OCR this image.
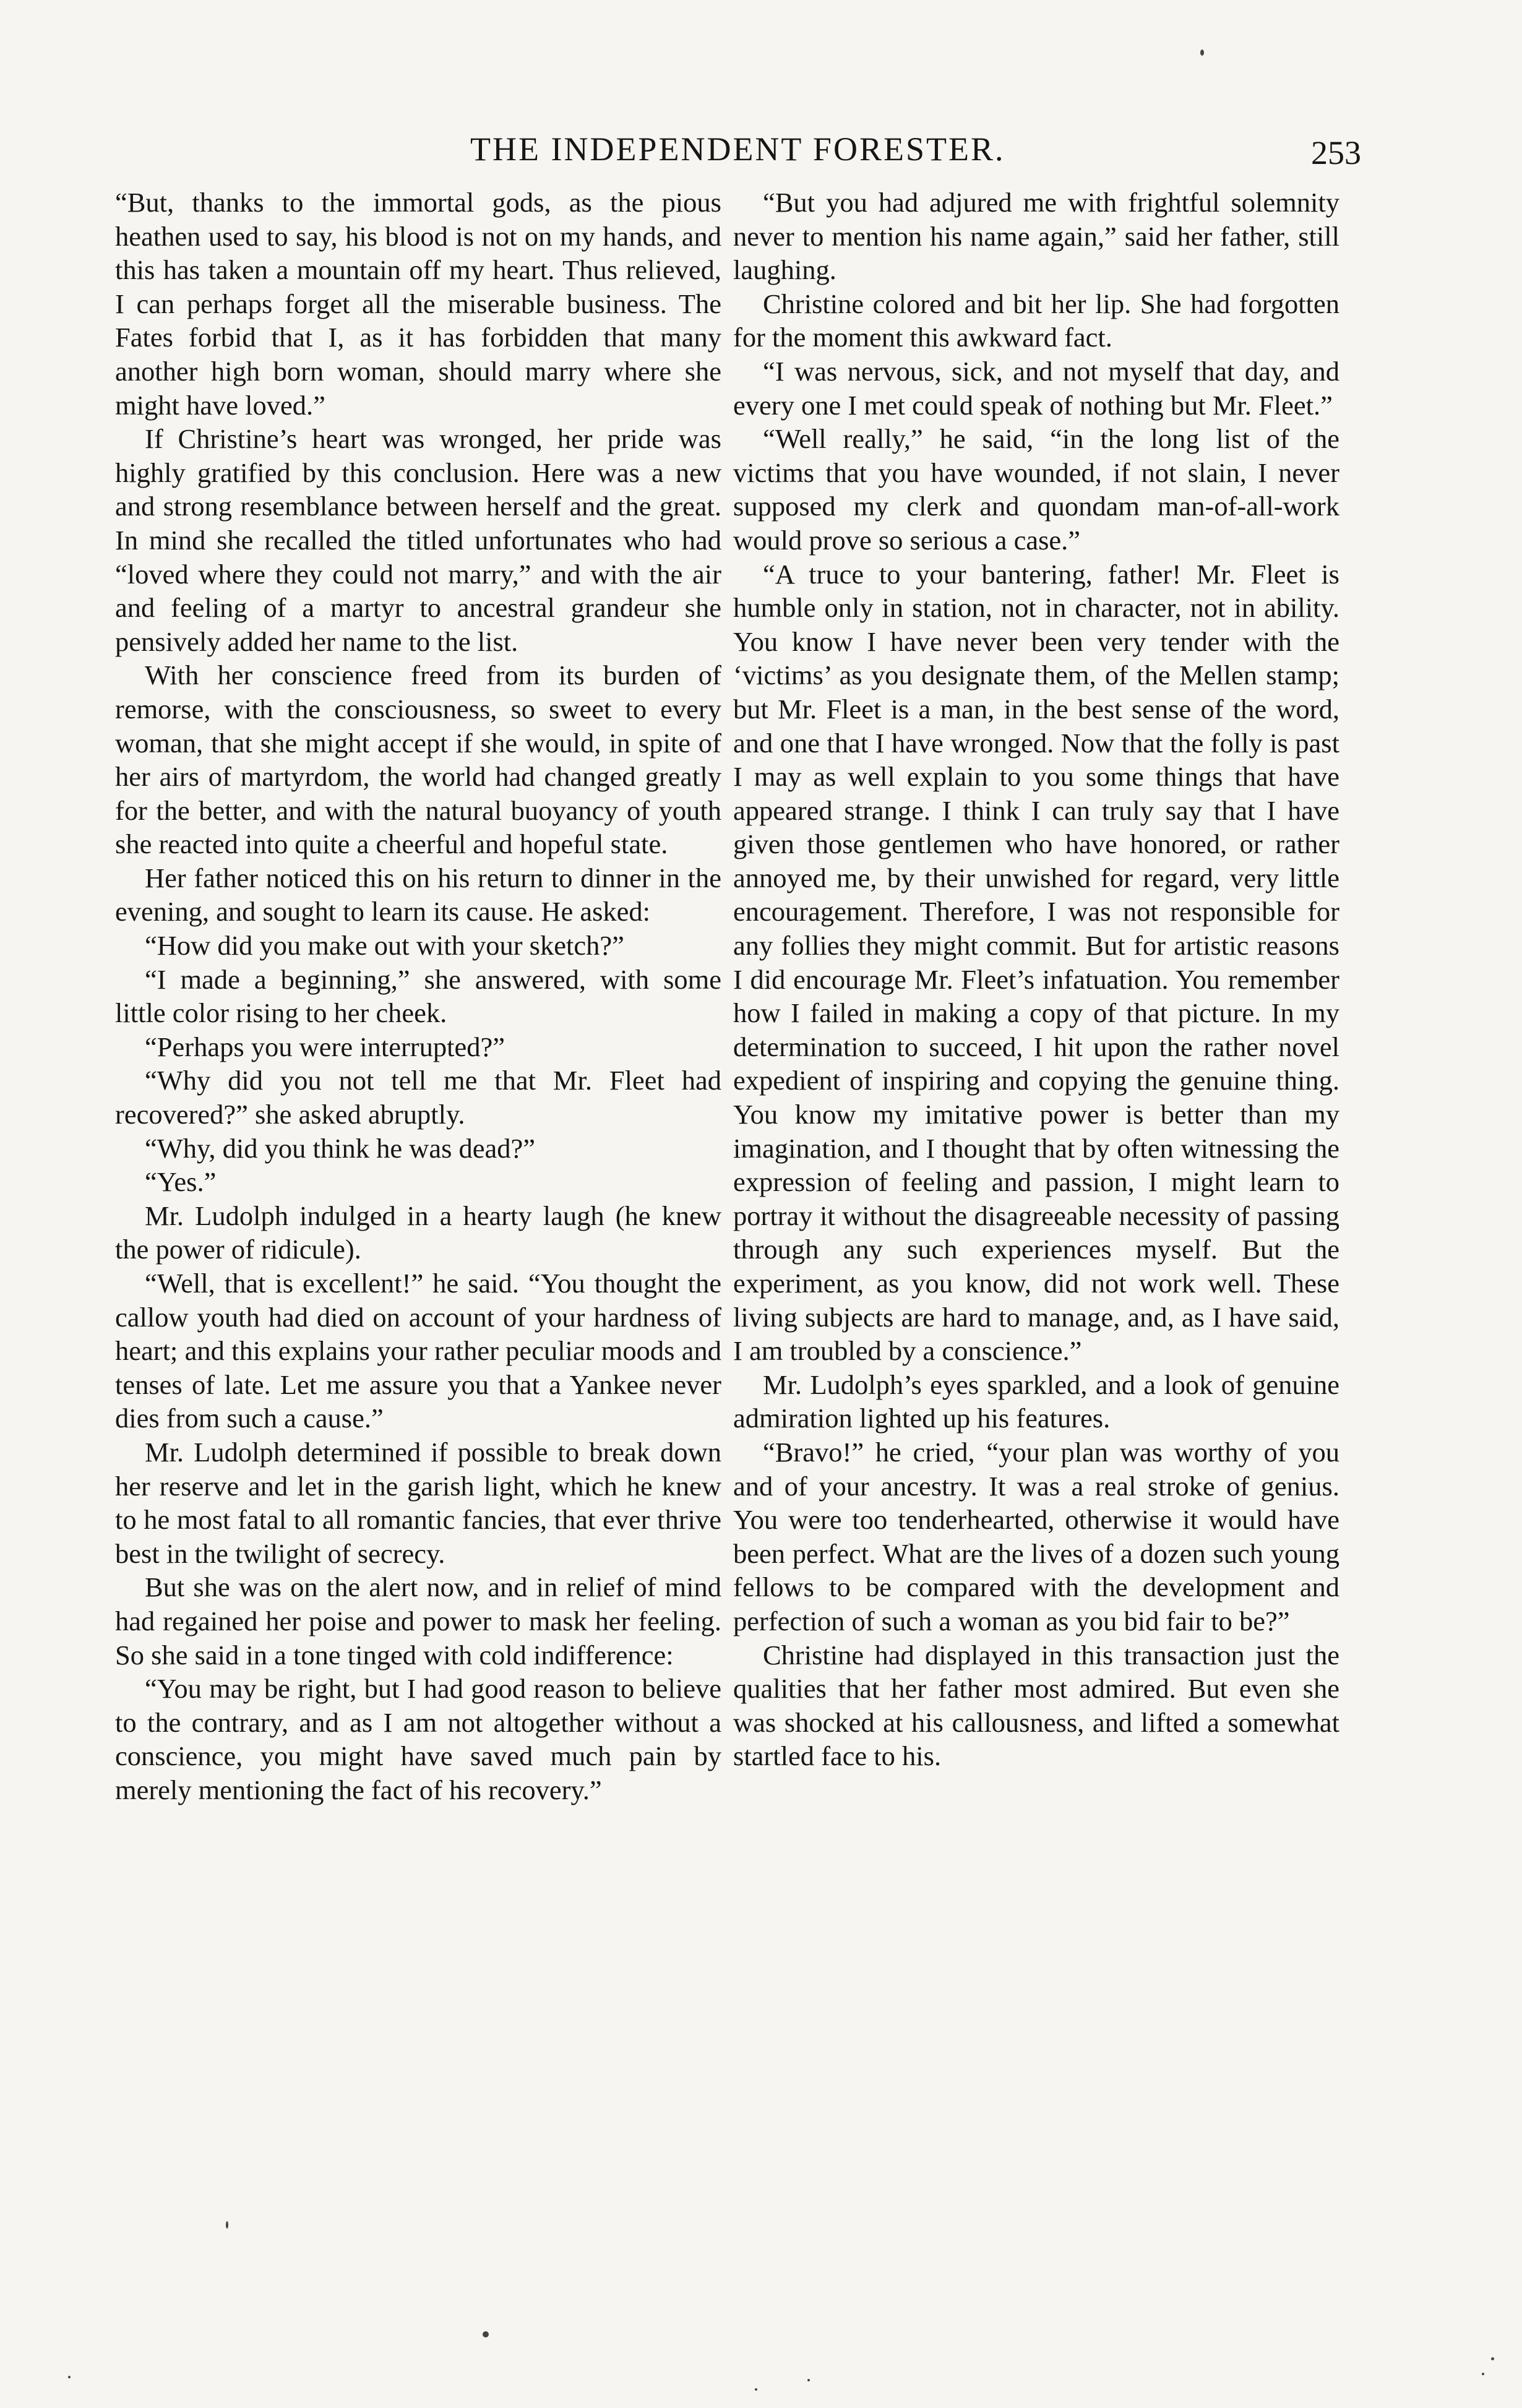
THE INDEPENDENT FORESTER.	253

“But, thanks to the immortal gods, as the pious heathen used to say, his blood is not on my hands, and this has taken a mountain off my heart. Thus relieved, I can perhaps forget all the miserable business. The Fates forbid that I, as it has forbidden that many another high born woman, should marry where she might have loved.”

If Christine’s heart was wronged, her pride was highly gratified by this conclusion. Here was a new and strong resemblance between herself and the great. In mind she recalled the titled unfortunates who had “loved where they could not marry,” and with the air and feeling of a martyr to ancestral grandeur she pensively added her name to the list.

With her conscience freed from its burden of remorse, with the consciousness, so sweet to every woman, that she might accept if she would, in spite of her airs of martyrdom, the world had changed greatly for the better, and with the natural buoyancy of youth she reacted into quite a cheerful and hopeful state.

Her father noticed this on his return to dinner in the evening, and sought to learn its cause. He asked:

“How did you make out with your sketch?”

“I made a beginning,” she answered, with some little color rising to her cheek.

“Perhaps you were interrupted?”

“Why did you not tell me that Mr. Fleet had recovered?” she asked abruptly.

“Why, did you think he was dead?”

“Yes.”

Mr. Ludolph indulged in a hearty laugh (he knew the power of ridicule).

“Well, that is excellent!” he said. “You thought the callow youth had died on account of your hardness of heart; and this explains your rather peculiar moods and tenses of late. Let me assure you that a Yankee never dies from such a cause.”

Mr. Ludolph determined if possible to break down her reserve and let in the garish light, which he knew to he most fatal to all romantic fancies, that ever thrive best in the twilight of secrecy.

But she was on the alert now, and in relief of mind had regained her poise and power to mask her feeling. So she said in a tone tinged with cold indifference:

“You may be right, but I had good reason to believe to the contrary, and as I am not altogether without a conscience, you might have saved much pain by merely mentioning the fact of his recovery.”

“But you had adjured me with frightful solemnity never to mention his name again,” said her father, still laughing.

Christine colored and bit her lip. She had forgotten for the moment this awkward fact.

“I was nervous, sick, and not myself that day, and every one I met could speak of nothing but Mr. Fleet.”

“Well really,” he said, “in the long list of the victims that you have wounded, if not slain, I never supposed my clerk and quondam man-of-all-work would prove so serious a case.”

“A truce to your bantering, father! Mr. Fleet is humble only in station, not in character, not in ability. You know I have never been very tender with the ‘victims’ as you designate them, of the Mellen stamp; but Mr. Fleet is a man, in the best sense of the word, and one that I have wronged. Now that the folly is past I may as well explain to you some things that have appeared strange. I think I can truly say that I have given those gentlemen who have honored, or rather annoyed me, by their unwished for regard, very little encouragement. Therefore, I was not responsible for any follies they might commit. But for artistic reasons I did encourage Mr. Fleet’s infatuation. You remember how I failed in making a copy of that picture. In my determination to succeed, I hit upon the rather novel expedient of inspiring and copying the genuine thing. You know my imitative power is better than my imagination, and I thought that by often witnessing the expression of feeling and passion, I might learn to portray it without the disagreeable necessity of passing through any such experiences myself. But the experiment, as you know, did not work well. These living subjects are hard to manage, and, as I have said, I am troubled by a conscience.”

Mr. Ludolph’s eyes sparkled, and a look of genuine admiration lighted up his features.

“Bravo!” he cried, “your plan was worthy of you and of your ancestry. It was a real stroke of genius. You were too tenderhearted, otherwise it would have been perfect. What are the lives of a dozen such young fellows to be compared with the development and perfection of such a woman as you bid fair to be?”

Christine had displayed in this transaction just the qualities that her father most admired. But even she was shocked at his callousness, and lifted a somewhat startled face to his.
